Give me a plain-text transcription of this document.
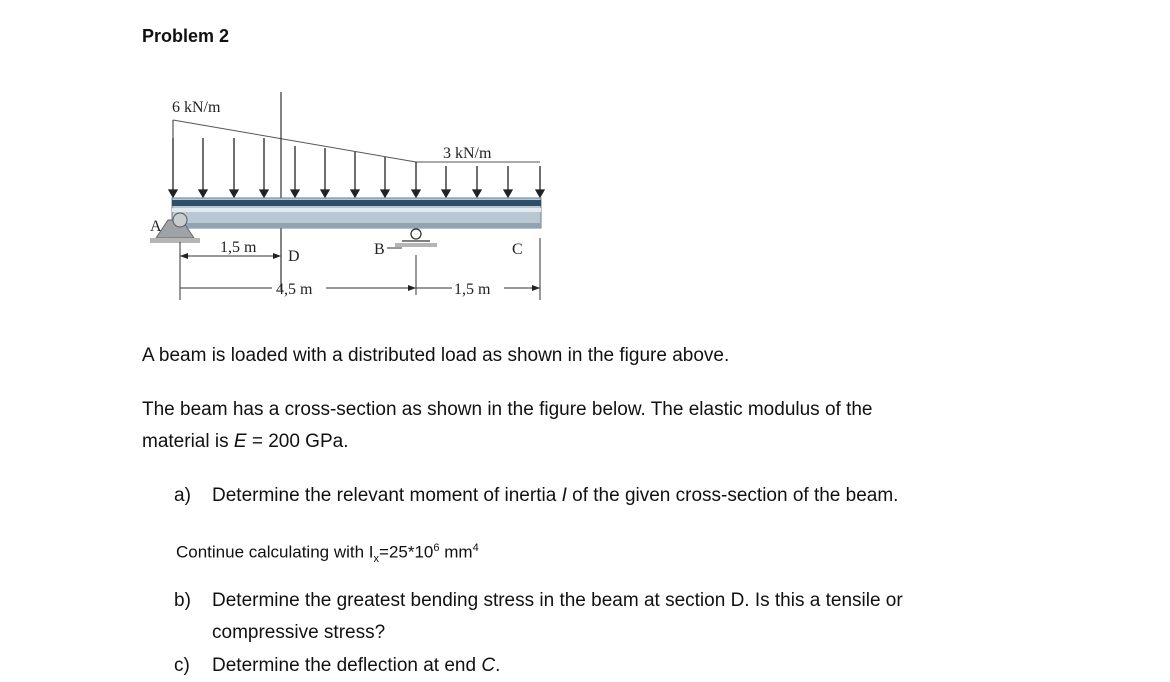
Problem 2
6 kN/m
3 kN/m
A
B	C
D
1,5 m
4,5 m	1,5 m

A beam is loaded with a distributed load as shown in the figure above.

The beam has a cross-section as shown in the figure below. The elastic modulus of the
material is E = 200 GPa.

a) Determine the relevant moment of inertia I of the given cross-section of the beam.

Continue calculating with $I_x=25*10^6$ $mm^4$

b) Determine the greatest bending stress in the beam at section D. Is this a tensile or
compressive stress?

c) Determine the deflection at end C.
